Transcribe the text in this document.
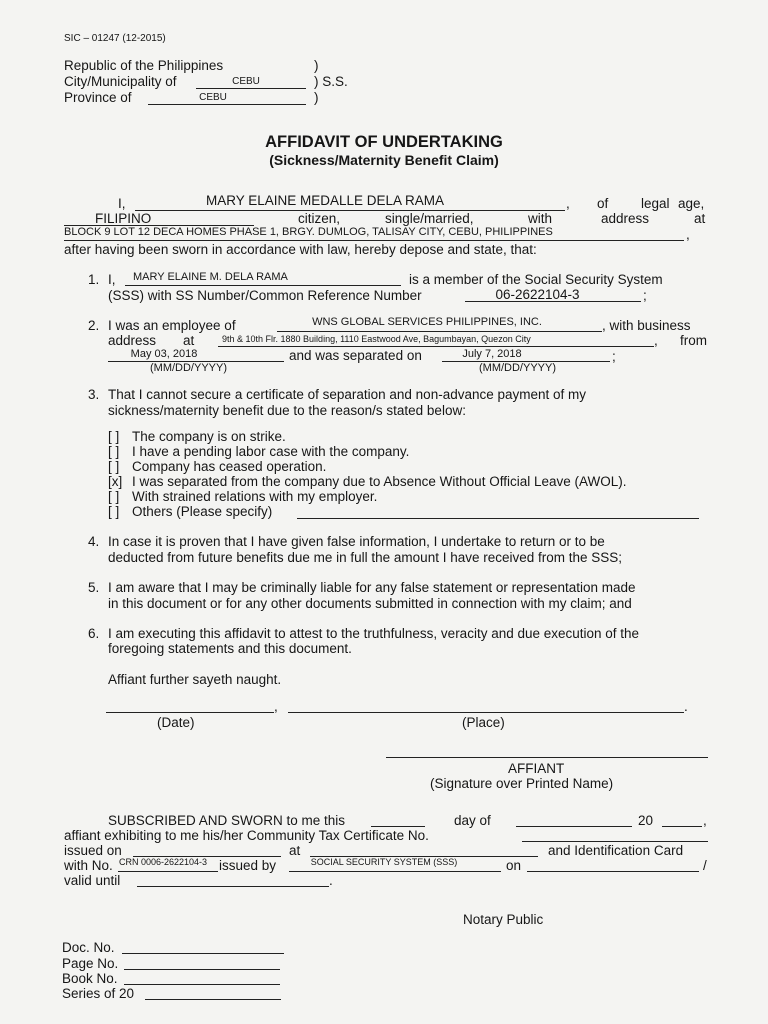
SIC – 01247 (12-2015)
Republic of the Philippines	)
City/Municipality of	CEBU	) S.S.
Province of	CEBU	)
AFFIDAVIT OF UNDERTAKING
(Sickness/Maternity Benefit Claim)
I,	MARY ELAINE MEDALLE DELA RAMA	, of legal age,
FILIPINO	citizen,	single/married,	with	address	at
BLOCK 9 LOT 12 DECA HOMES PHASE 1, BRGY. DUMLOG, TALISAY CITY, CEBU, PHILIPPINES	,
after having been sworn in accordance with law, hereby depose and state, that:
1. I, MARY ELAINE M. DELA RAMA	is a member of the Social Security System
(SSS) with SS Number/Common Reference Number	06-2622104-3	;
2. I was an employee of	WNS GLOBAL SERVICES PHILIPPINES, INC.	, with business
address at	9th & 10th Flr. 1880 Building, 1110 Eastwood Ave, Bagumbayan, Quezon City	, from
May 03, 2018	and was separated on	July 7, 2018	;
(MM/DD/YYYY)	(MM/DD/YYYY)
3. That I cannot secure a certificate of separation and non-advance payment of my
sickness/maternity benefit due to the reason/s stated below:
[ ] The company is on strike.
[ ] I have a pending labor case with the company.
[ ] Company has ceased operation.
[x] I was separated from the company due to Absence Without Official Leave (AWOL).
[ ] With strained relations with my employer.
[ ] Others (Please specify)
4. In case it is proven that I have given false information, I undertake to return or to be
deducted from future benefits due me in full the amount I have received from the SSS;
5. I am aware that I may be criminally liable for any false statement or representation made
in this document or for any other documents submitted in connection with my claim; and
6. I am executing this affidavit to attest to the truthfulness, veracity and due execution of the
foregoing statements and this document.
Affiant further sayeth naught.
,	.
(Date)	(Place)
AFFIANT
(Signature over Printed Name)
SUBSCRIBED AND SWORN to me this	day of	20	,
affiant exhibiting to me his/her Community Tax Certificate No.
issued on	at	and Identification Card
with No. CRN 0006-2622104-3 issued by	SOCIAL SECURITY SYSTEM (SSS)	on	/
valid until	.
Notary Public
Doc. No.
Page No.
Book No.
Series of 20
